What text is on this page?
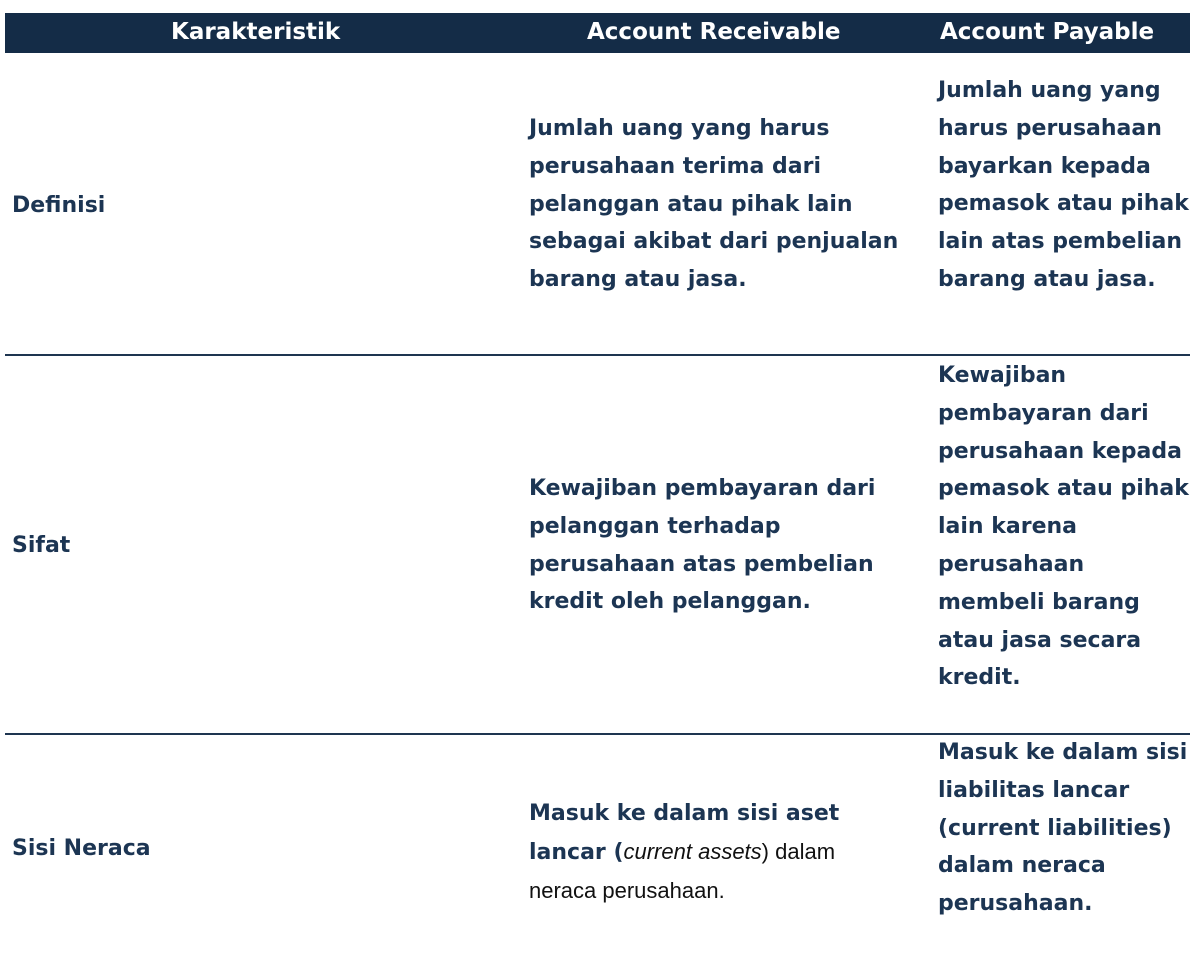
Karakteristik	Account Receivable	Account Payable
Definisi
Jumlah uang yang harus perusahaan terima dari pelanggan atau pihak lain sebagai akibat dari penjualan barang atau jasa.
Jumlah uang yang harus perusahaan bayarkan kepada pemasok atau pihak lain atas pembelian barang atau jasa.
Sifat
Kewajiban pembayaran dari pelanggan terhadap perusahaan atas pembelian kredit oleh pelanggan.
Kewajiban pembayaran dari perusahaan kepada pemasok atau pihak lain karena perusahaan membeli barang atau jasa secara kredit.
Sisi Neraca
Masuk ke dalam sisi aset
lancar (current assets) dalam
neraca perusahaan.
Masuk ke dalam sisi liabilitas lancar (current liabilities) dalam neraca perusahaan.
